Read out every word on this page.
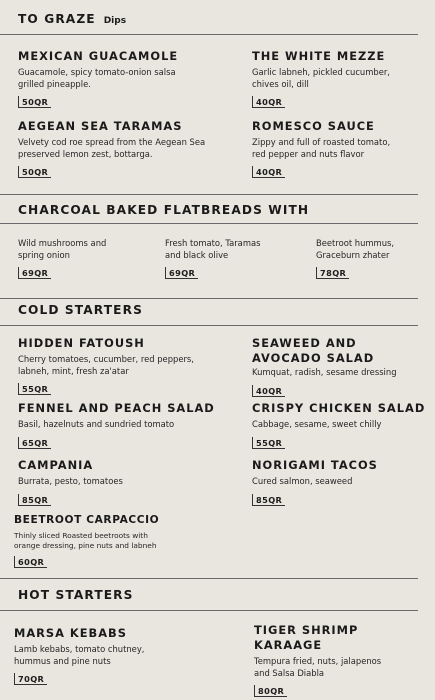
TO GRAZE Dips
MEXICAN GUACAMOLE
Guacamole, spicy tomato-onion salsa
grilled pineapple.
50QR
THE WHITE MEZZE
Garlic labneh, pickled cucumber,
chives oil, dill
40QR
AEGEAN SEA TARAMAS
Velvety cod roe spread from the Aegean Sea
preserved lemon zest, bottarga.
50QR
ROMESCO SAUCE
Zippy and full of roasted tomato,
red pepper and nuts flavor
40QR
CHARCOAL BAKED FLATBREADS WITH
Wild mushrooms and
spring onion
69QR
Fresh tomato, Taramas
and black olive
69QR
Beetroot hummus,
Graceburn zhater
78QR
COLD STARTERS
HIDDEN FATOUSH
Cherry tomatoes, cucumber, red peppers,
labneh, mint, fresh za'atar
55QR
SEAWEED AND
AVOCADO SALAD
Kumquat, radish, sesame dressing
40QR
FENNEL AND PEACH SALAD
Basil, hazelnuts and sundried tomato
65QR
CRISPY CHICKEN SALAD
Cabbage, sesame, sweet chilly
55QR
CAMPANIA
Burrata, pesto, tomatoes
85QR
NORIGAMI TACOS
Cured salmon, seaweed
85QR
BEETROOT CARPACCIO
Thinly sliced Roasted beetroots with
orange dressing, pine nuts and labneh
60QR
HOT STARTERS
MARSA KEBABS
Lamb kebabs, tomato chutney,
hummus and pine nuts
70QR
TIGER SHRIMP
KARAAGE
Tempura fried, nuts, jalapenos
and Salsa Diabla
80QR
